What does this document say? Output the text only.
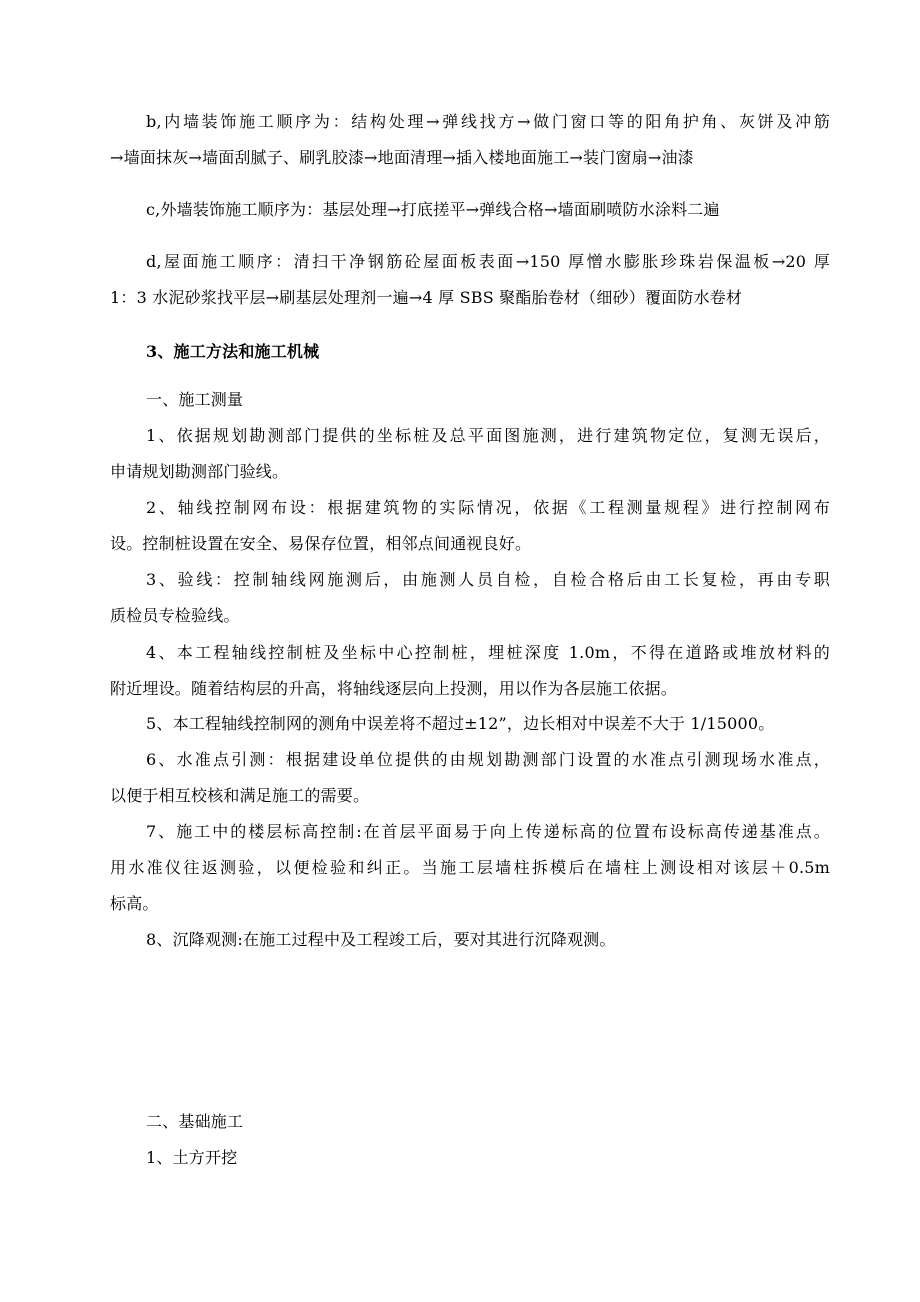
b,内墙装饰施工顺序为：结构处理→弹线找方→做门窗口等的阳角护角、灰饼及冲筋
→墙面抹灰→墙面刮腻子、刷乳胶漆→地面清理→插入楼地面施工→装门窗扇→油漆
c,外墙装饰施工顺序为：基层处理→打底搓平→弹线合格→墙面刷喷防水涂料二遍
d,屋面施工顺序：清扫干净钢筋砼屋面板表面→150 厚憎水膨胀珍珠岩保温板→20 厚
1：3 水泥砂浆找平层→刷基层处理剂一遍→4 厚 SBS 聚酯胎卷材（细砂）覆面防水卷材
3、施工方法和施工机械
一、施工测量
1、依据规划勘测部门提供的坐标桩及总平面图施测，进行建筑物定位，复测无误后，
申请规划勘测部门验线。
2、轴线控制网布设：根据建筑物的实际情况，依据《工程测量规程》进行控制网布
设。控制桩设置在安全、易保存位置，相邻点间通视良好。
3、验线：控制轴线网施测后，由施测人员自检，自检合格后由工长复检，再由专职
质检员专检验线。
4、本工程轴线控制桩及坐标中心控制桩，埋桩深度 1.0m，不得在道路或堆放材料的
附近埋设。随着结构层的升高，将轴线逐层向上投测，用以作为各层施工依据。
5、本工程轴线控制网的测角中误差将不超过±12”，边长相对中误差不大于 1/15000。
6、水准点引测：根据建设单位提供的由规划勘测部门设置的水准点引测现场水准点，
以便于相互校核和满足施工的需要。
7、施工中的楼层标高控制:在首层平面易于向上传递标高的位置布设标高传递基准点。
用水准仪往返测验，以便检验和纠正。当施工层墙柱拆模后在墙柱上测设相对该层＋0.5m
标高。
8、沉降观测:在施工过程中及工程竣工后，要对其进行沉降观测。
二、基础施工
1、土方开挖
